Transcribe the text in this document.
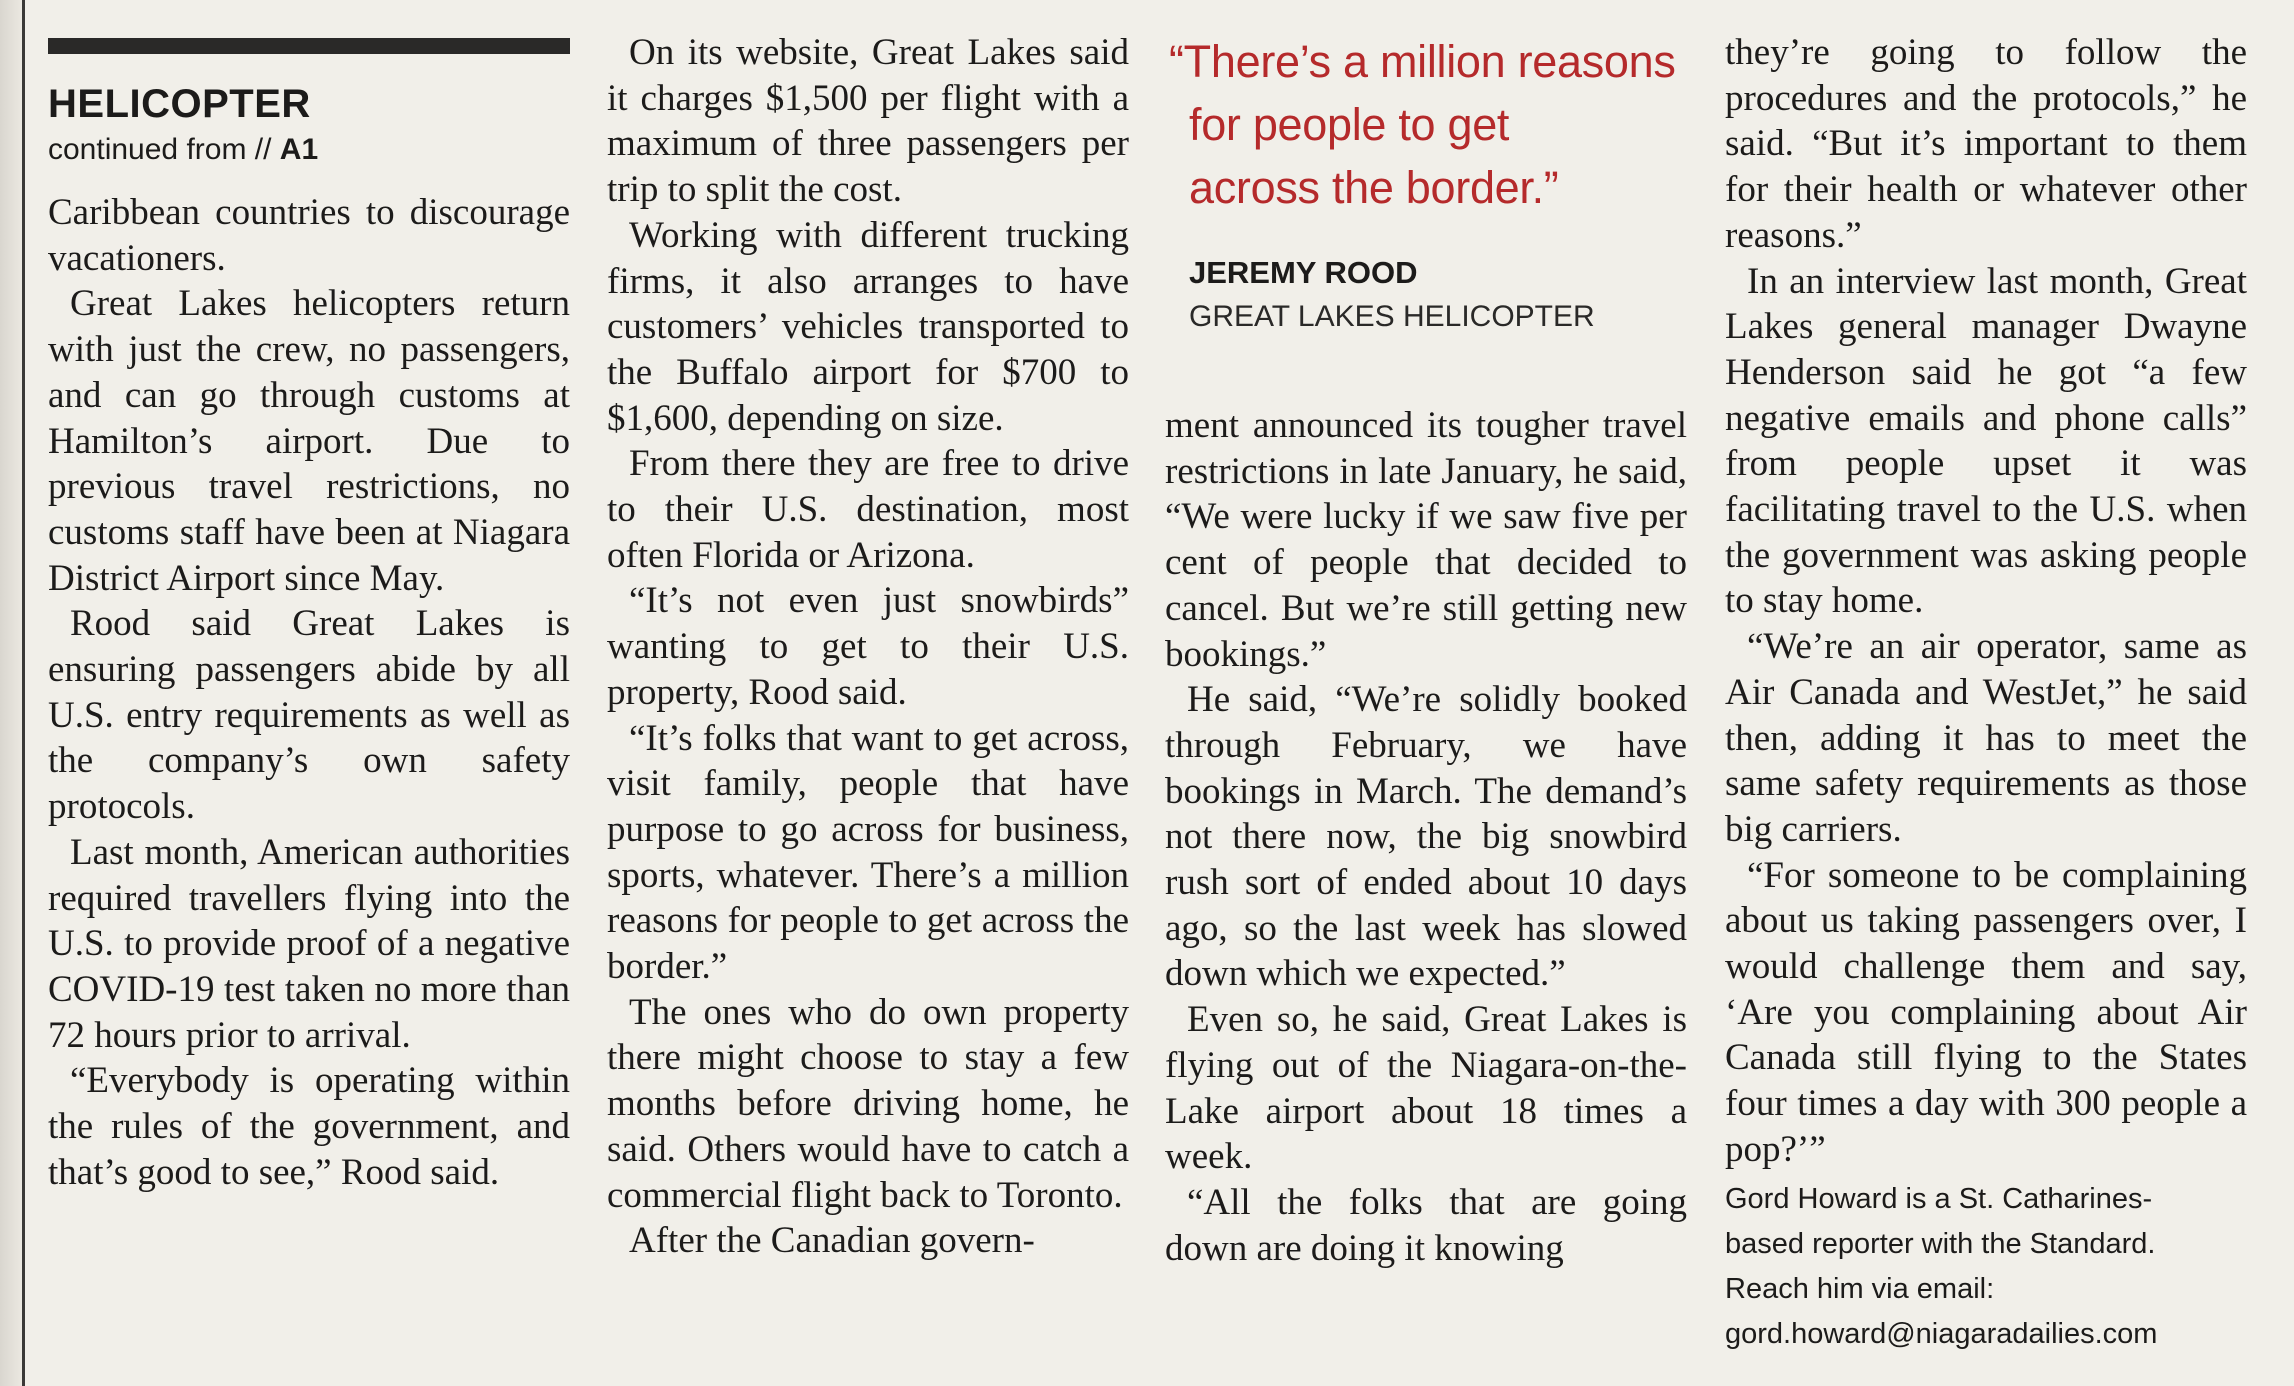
HELICOPTER
continued from // A1

Caribbean countries to discourage vacationers.

Great Lakes helicopters return with just the crew, no passengers, and can go through customs at Hamilton’s airport. Due to previous travel restrictions, no customs staff have been at Niagara District Airport since May.

Rood said Great Lakes is ensuring passengers abide by all U.S. entry requirements as well as the company’s own safety protocols.

Last month, American authorities required travellers flying into the U.S. to provide proof of a negative COVID-19 test taken no more than 72 hours prior to arrival.

“Everybody is operating within the rules of the government, and that’s good to see,” Rood said.

On its website, Great Lakes said it charges $1,500 per flight with a maximum of three passengers per trip to split the cost.

Working with different trucking firms, it also arranges to have customers’ vehicles transported to the Buffalo airport for $700 to $1,600, depending on size.

From there they are free to drive to their U.S. destination, most often Florida or Arizona.

“It’s not even just snowbirds” wanting to get to their U.S. property, Rood said.

“It’s folks that want to get across, visit family, people that have purpose to go across for business, sports, whatever. There’s a million reasons for people to get across the border.”

The ones who do own property there might choose to stay a few months before driving home, he said. Others would have to catch a commercial flight back to Toronto.

After the Canadian govern-

“There’s a million reasons
for people to get
across the border.”

JEREMY ROOD
GREAT LAKES HELICOPTER

ment announced its tougher travel restrictions in late January, he said, “We were lucky if we saw five per cent of people that decided to cancel. But we’re still getting new bookings.”

He said, “We’re solidly booked through February, we have bookings in March. The demand’s not there now, the big snowbird rush sort of ended about 10 days ago, so the last week has slowed down which we expected.”

Even so, he said, Great Lakes is flying out of the Niagara-on-the-Lake airport about 18 times a week.

“All the folks that are going down are doing it knowing

they’re going to follow the procedures and the protocols,” he said. “But it’s important to them for their health or whatever other reasons.”

In an interview last month, Great Lakes general manager Dwayne Henderson said he got “a few negative emails and phone calls” from people upset it was facilitating travel to the U.S. when the government was asking people to stay home.

“We’re an air operator, same as Air Canada and WestJet,” he said then, adding it has to meet the same safety requirements as those big carriers.

“For someone to be complaining about us taking passengers over, I would challenge them and say, ‘Are you complaining about Air Canada still flying to the States four times a day with 300 people a pop?’”

Gord Howard is a St. Catharines-
based reporter with the Standard.
Reach him via email:
gord.howard@niagaradailies.com
